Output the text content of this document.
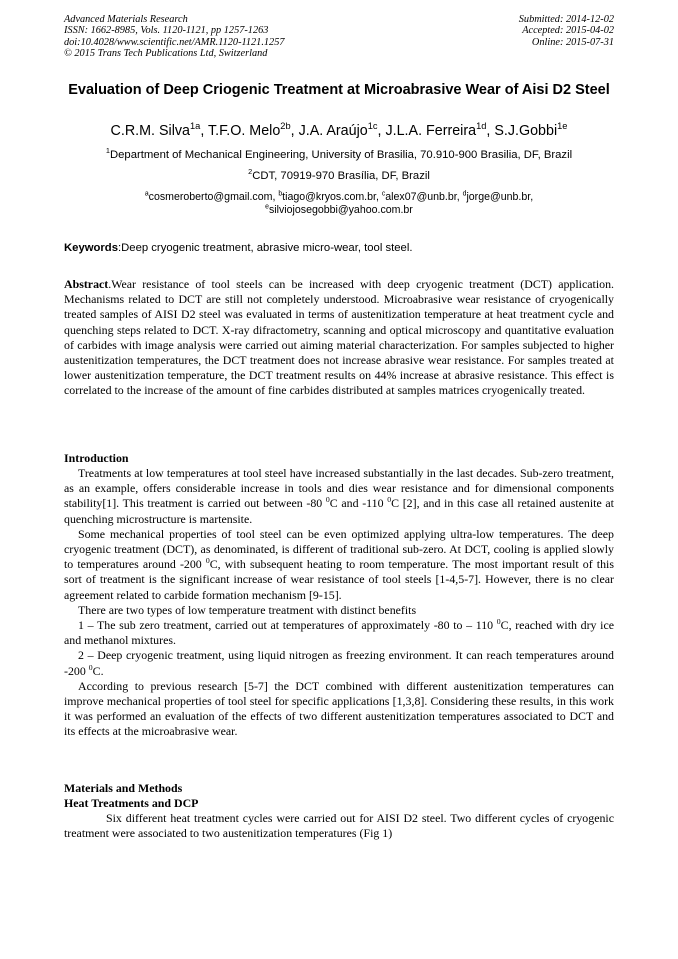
Advanced Materials Research
ISSN: 1662-8985, Vols. 1120-1121, pp 1257-1263
doi:10.4028/www.scientific.net/AMR.1120-1121.1257
© 2015 Trans Tech Publications Ltd, Switzerland
Submitted: 2014-12-02
Accepted: 2015-04-02
Online: 2015-07-31
Evaluation of Deep Criogenic Treatment at Microabrasive Wear of Aisi D2 Steel
C.R.M. Silva$^{1a}$, T.F.O. Melo$^{2b}$, J.A. Araújo$^{1c}$, J.L.A. Ferreira$^{1d}$, S.J.Gobbi$^{1e}$
$^1$Department of Mechanical Engineering, University of Brasilia, 70.910-900 Brasilia, DF, Brazil
$^2$CDT, 70919-970 Brasília, DF, Brazil
$^a$cosmeroberto@gmail.com, $^b$tiago@kryos.com.br, $^c$alex07@unb.br, $^d$jorge@unb.br,
$^e$silviojosegobbi@yahoo.com.br
Keywords:Deep cryogenic treatment, abrasive micro-wear, tool steel.

Abstract.Wear resistance of tool steels can be increased with deep cryogenic treatment (DCT) application. Mechanisms related to DCT are still not completely understood. Microabrasive wear resistance of cryogenically treated samples of AISI D2 steel was evaluated in terms of austenitization temperature at heat treatment cycle and quenching steps related to DCT. X-ray difractometry, scanning and optical microscopy and quantitative evaluation of carbides with image analysis were carried out aiming material characterization. For samples subjected to higher austenitization temperatures, the DCT treatment does not increase abrasive wear resistance. For samples treated at lower austenitization temperature, the DCT treatment results on 44% increase at abrasive resistance. This effect is correlated to the increase of the amount of fine carbides distributed at samples matrices cryogenically treated.

Introduction

Treatments at low temperatures at tool steel have increased substantially in the last decades. Sub-zero treatment, as an example, offers considerable increase in tools and dies wear resistance and for dimensional components stability[1]. This treatment is carried out between -80 $^0$C and -110 $^0$C [2], and in this case all retained austenite at quenching microstructure is martensite.

Some mechanical properties of tool steel can be even optimized applying ultra-low temperatures. The deep cryogenic treatment (DCT), as denominated, is different of traditional sub-zero. At DCT, cooling is applied slowly to temperatures around -200 $^0$C, with subsequent heating to room temperature. The most important result of this sort of treatment is the significant increase of wear resistance of tool steels [1-4,5-7]. However, there is no clear agreement related to carbide formation mechanism [9-15].

There are two types of low temperature treatment with distinct benefits

1 – The sub zero treatment, carried out at temperatures of approximately -80 to – 110 $^0$C, reached with dry ice and methanol mixtures.

2 – Deep cryogenic treatment, using liquid nitrogen as freezing environment. It can reach temperatures around -200 $^0$C.

According to previous research [5-7] the DCT combined with different austenitization temperatures can improve mechanical properties of tool steel for specific applications [1,3,8]. Considering these results, in this work it was performed an evaluation of the effects of two different austenitization temperatures associated to DCT and its effects at the microabrasive wear.

Materials and Methods
Heat Treatments and DCP

Six different heat treatment cycles were carried out for AISI D2 steel. Two different cycles of cryogenic treatment were associated to two austenitization temperatures (Fig 1)
